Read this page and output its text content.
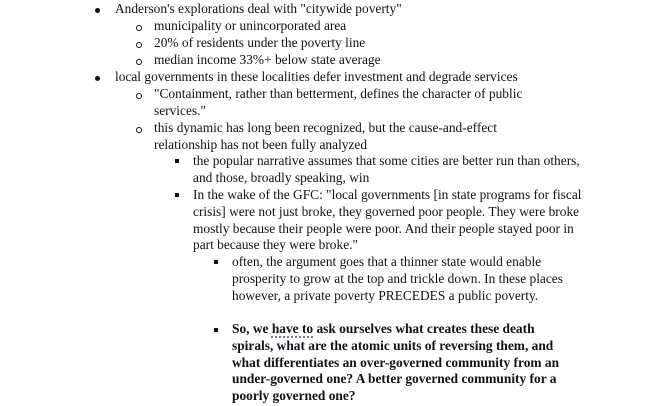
Anderson's explorations deal with "citywide poverty"
municipality or unincorporated area
20% of residents under the poverty line
median income 33%+ below state average
local governments in these localities defer investment and degrade services
"Containment, rather than betterment, defines the character of public services."
this dynamic has long been recognized, but the cause-and-effect relationship has not been fully analyzed
the popular narrative assumes that some cities are better run than others, and those, broadly speaking, win
In the wake of the GFC: "local governments [in state programs for fiscal crisis] were not just broke, they governed poor people. They were broke mostly because their people were poor. And their people stayed poor in part because they were broke."
often, the argument goes that a thinner state would enable prosperity to grow at the top and trickle down. In these places however, a private poverty PRECEDES a public poverty.
So, we have to ask ourselves what creates these death spirals, what are the atomic units of reversing them, and what differentiates an over-governed community from an under-governed one? A better governed community for a poorly governed one?
